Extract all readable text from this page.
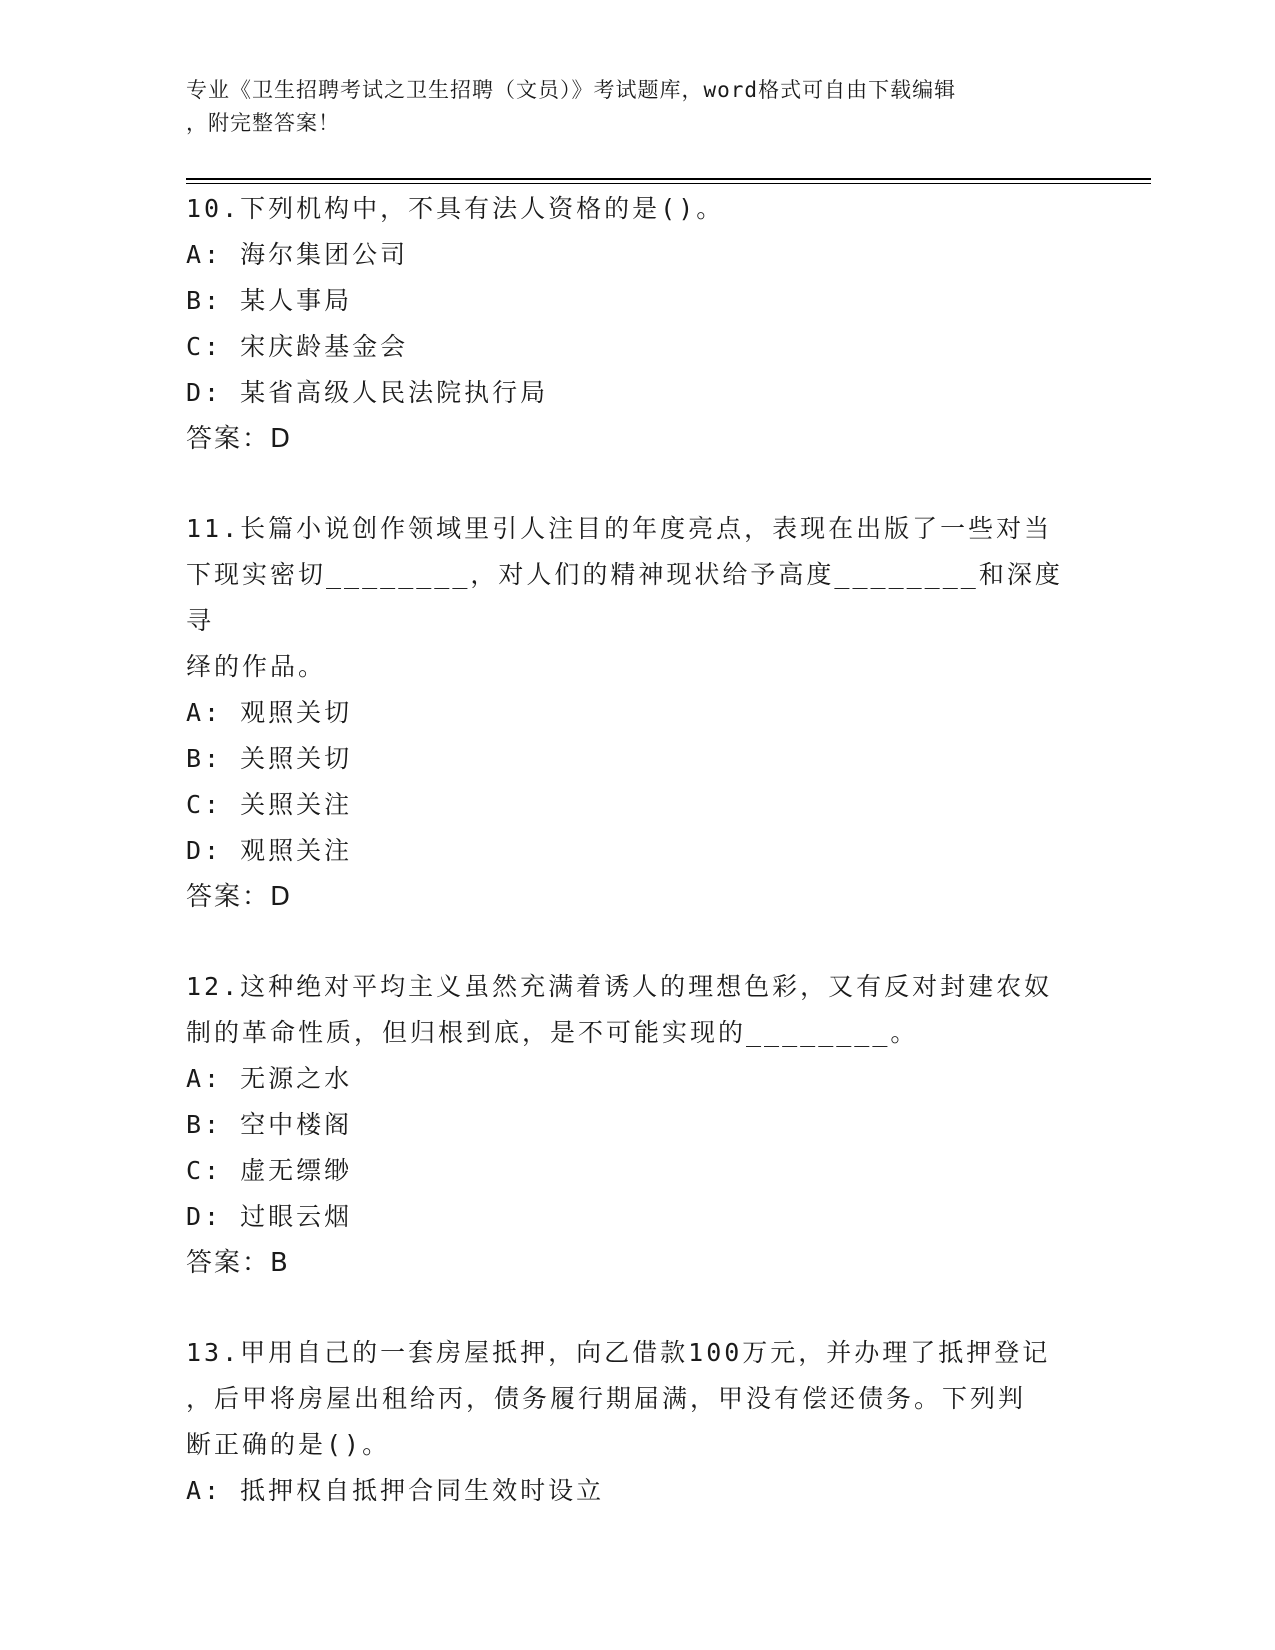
专业《卫生招聘考试之卫生招聘（文员）》考试题库，word格式可自由下载编辑
，附完整答案！
10.下列机构中，不具有法人资格的是()。
A: 海尔集团公司
B: 某人事局
C: 宋庆龄基金会
D: 某省高级人民法院执行局
答案：D
11.长篇小说创作领域里引人注目的年度亮点，表现在出版了一些对当
下现实密切________，对人们的精神现状给予高度________和深度寻
绎的作品。
A: 观照关切
B: 关照关切
C: 关照关注
D: 观照关注
答案：D
12.这种绝对平均主义虽然充满着诱人的理想色彩，又有反对封建农奴
制的革命性质，但归根到底，是不可能实现的________。
A: 无源之水
B: 空中楼阁
C: 虚无缥缈
D: 过眼云烟
答案：B
13.甲用自己的一套房屋抵押，向乙借款100万元，并办理了抵押登记
，后甲将房屋出租给丙，债务履行期届满，甲没有偿还债务。下列判
断正确的是()。
A: 抵押权自抵押合同生效时设立
